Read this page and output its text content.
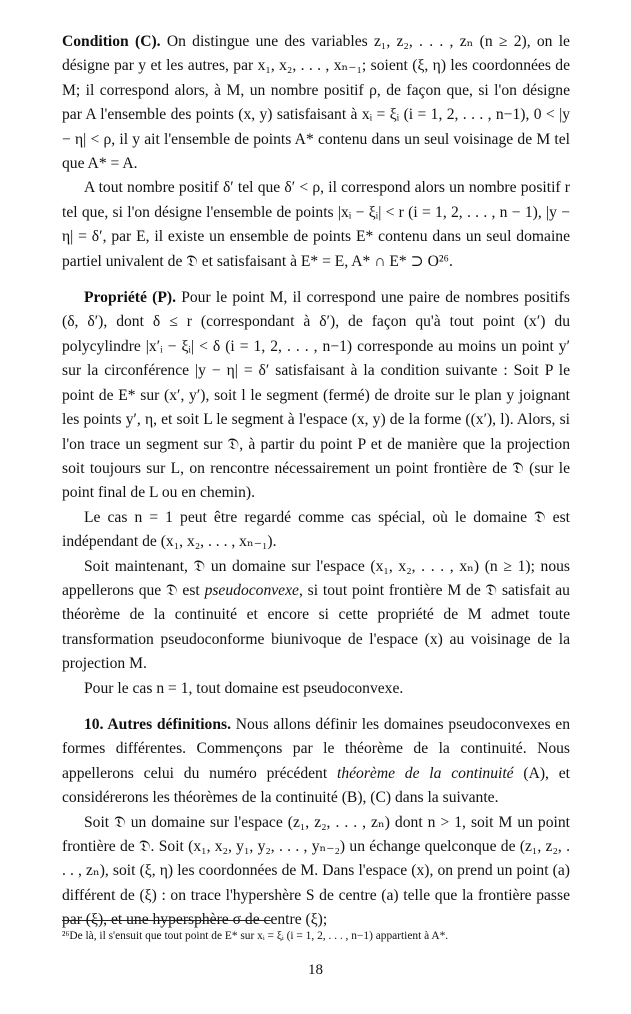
Condition (C). On distingue une des variables z₁, z₂, . . . , zₙ (n ≥ 2), on le désigne par y et les autres, par x₁, x₂, . . . , xₙ₋₁; soient (ξ, η) les coordonnées de M; il correspond alors, à M, un nombre positif ρ, de façon que, si l'on désigne par A l'ensemble des points (x, y) satisfaisant à xᵢ = ξᵢ (i = 1, 2, . . . , n−1), 0 < |y − η| < ρ, il y ait l'ensemble de points A* contenu dans un seul voisinage de M tel que A* = A.

A tout nombre positif δ′ tel que δ′ < ρ, il correspond alors un nombre positif r tel que, si l'on désigne l'ensemble de points |xᵢ − ξᵢ| < r (i = 1, 2, . . . , n − 1), |y − η| = δ′, par E, il existe un ensemble de points E* contenu dans un seul domaine partiel univalent de 𝔇 et satisfaisant à E* = E, A* ∩ E* ⊃ O²⁶.

Propriété (P). Pour le point M, il correspond une paire de nombres positifs (δ, δ′), dont δ ≤ r (correspondant à δ′), de façon qu'à tout point (x′) du polycylindre |x′ᵢ − ξᵢ| < δ (i = 1, 2, . . . , n−1) corresponde au moins un point y′ sur la circonférence |y − η| = δ′ satisfaisant à la condition suivante : Soit P le point de E* sur (x′, y′), soit l le segment (fermé) de droite sur le plan y joignant les points y′, η, et soit L le segment à l'espace (x, y) de la forme ((x′), l). Alors, si l'on trace un segment sur 𝔇, à partir du point P et de manière que la projection soit toujours sur L, on rencontre nécessairement un point frontière de 𝔇 (sur le point final de L ou en chemin).

Le cas n = 1 peut être regardé comme cas spécial, où le domaine 𝔇 est indépendant de (x₁, x₂, . . . , xₙ₋₁).

Soit maintenant, 𝔇 un domaine sur l'espace (x₁, x₂, . . . , xₙ) (n ≥ 1); nous appellerons que 𝔇 est pseudoconvexe, si tout point frontière M de 𝔇 satisfait au théorème de la continuité et encore si cette propriété de M admet toute transformation pseudoconforme biunivoque de l'espace (x) au voisinage de la projection M.

Pour le cas n = 1, tout domaine est pseudoconvexe.

10. Autres définitions. Nous allons définir les domaines pseudoconvexes en formes différentes. Commençons par le théorème de la continuité. Nous appellerons celui du numéro précédent théorème de la continuité (A), et considérerons les théorèmes de la continuité (B), (C) dans la suivante.

Soit 𝔇 un domaine sur l'espace (z₁, z₂, . . . , zₙ) dont n > 1, soit M un point frontière de 𝔇. Soit (x₁, x₂, y₁, y₂, . . . , yₙ₋₂) un échange quelconque de (z₁, z₂, . . . , zₙ), soit (ξ, η) les coordonnées de M. Dans l'espace (x), on prend un point (a) différent de (ξ) : on trace l'hypershère S de centre (a) telle que la frontière passe par (ξ), et une hypersphère σ de centre (ξ);

²⁶De là, il s'ensuit que tout point de E* sur xᵢ = ξᵢ (i = 1, 2, . . . , n−1) appartient à A*.
18
